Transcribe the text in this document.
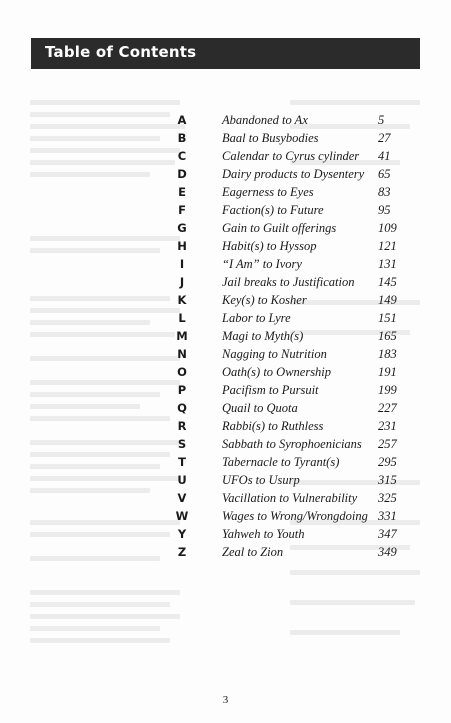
Table of Contents
A	Abandoned to Ax	5
B	Baal to Busybodies	27
C	Calendar to Cyrus cylinder 41
D	Dairy products to Dysentery 65
E	Eagerness to Eyes	83
F	Faction(s) to Future	95
G	Gain to Guilt offerings	109
H	Habit(s) to Hyssop	121
I	“I Am” to Ivory	131
J	Jail breaks to Justification 145
K	Key(s) to Kosher	149
L	Labor to Lyre	151
M	Magi to Myth(s)	165
N	Nagging to Nutrition	183
O	Oath(s) to Ownership	191
P	Pacifism to Pursuit	199
Q	Quail to Quota	227
R	Rabbi(s) to Ruthless	231
S	Sabbath to Syrophoenicians 257
T	Tabernacle to Tyrant(s)	295
U	UFOs to Usurp	315
V	Vacillation to Vulnerability 325
W	Wages to Wrong/Wrongdoing 331
Y	Yahweh to Youth	347
Z	Zeal to Zion	349
3
